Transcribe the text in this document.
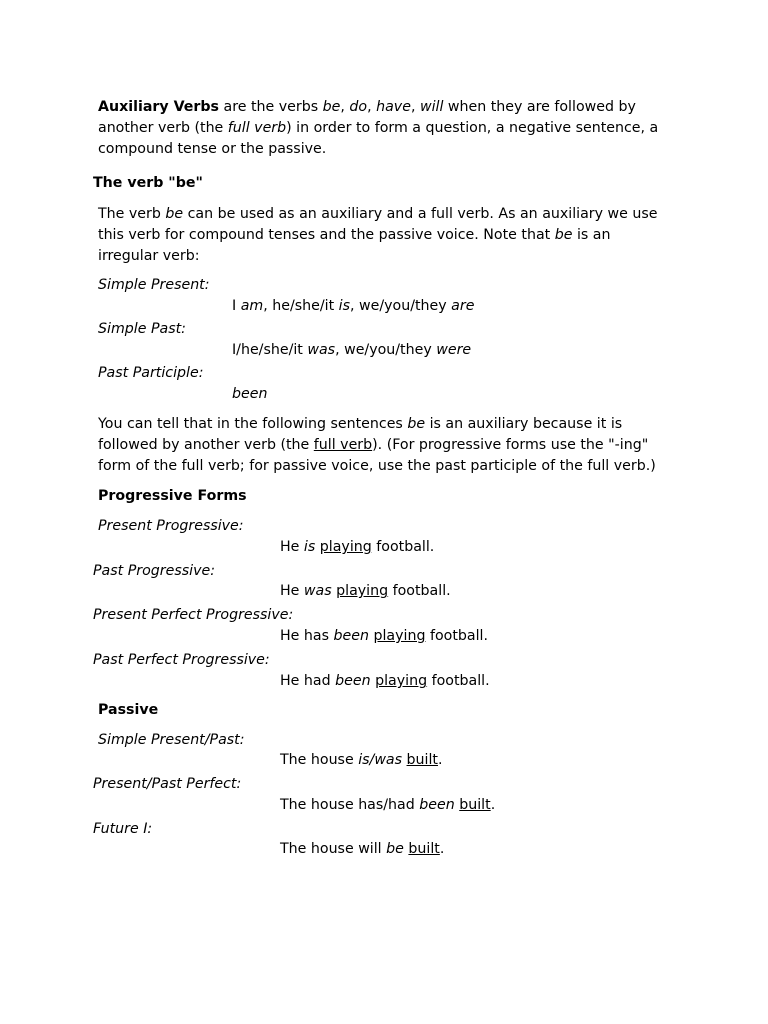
Auxiliary Verbs are the verbs be, do, have, will when they are followed by
another verb (the full verb) in order to form a question, a negative sentence, a
compound tense or the passive.
The verb "be"
The verb be can be used as an auxiliary and a full verb. As an auxiliary we use
this verb for compound tenses and the passive voice. Note that be is an
irregular verb:
Simple Present:
I am, he/she/it is, we/you/they are
Simple Past:
I/he/she/it was, we/you/they were
Past Participle:
been
You can tell that in the following sentences be is an auxiliary because it is
followed by another verb (the full verb). (For progressive forms use the "-ing"
form of the full verb; for passive voice, use the past participle of the full verb.)
Progressive Forms
Present Progressive:
He is playing football.
Past Progressive:
He was playing football.
Present Perfect Progressive:
He has been playing football.
Past Perfect Progressive:
He had been playing football.
Passive
Simple Present/Past:
The house is/was built.
Present/Past Perfect:
The house has/had been built.
Future I:
The house will be built.
